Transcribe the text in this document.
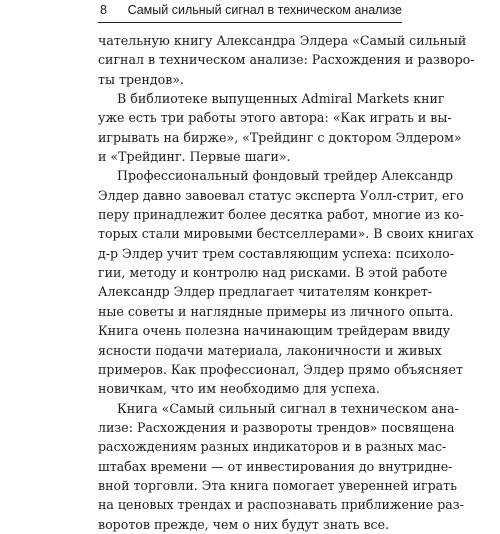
8 Самый сильный сигнал в техническом анализе
чательную книгу Александра Элдера «Самый сильный
сигнал в техническом анализе: Расхождения и разворо-
ты трендов».
В библиотеке выпущенных Admiral Markets книг
уже есть три работы этого автора: «Как играть и вы-
игрывать на бирже», «Трейдинг с доктором Элдером»
и «Трейдинг. Первые шаги».
Профессиональный фондовый трейдер Александр
Элдер давно завоевал статус эксперта Уолл-стрит, его
перу принадлежит более десятка работ, многие из ко-
торых стали мировыми бестселлерами». В своих книгах
д-р Элдер учит трем составляющим успеха: психоло-
гии, методу и контролю над рисками. В этой работе
Александр Элдер предлагает читателям конкрет-
ные советы и наглядные примеры из личного опыта.
Книга очень полезна начинающим трейдерам ввиду
ясности подачи материала, лаконичности и живых
примеров. Как профессионал, Элдер прямо объясняет
новичкам, что им необходимо для успеха.
Книга «Самый сильный сигнал в техническом ана-
лизе: Расхождения и развороты трендов» посвящена
расхождениям разных индикаторов и в разных мас-
штабах времени — от инвестирования до внутридне-
вной торговли. Эта книга помогает уверенней играть
на ценовых трендах и распознавать приближение раз-
воротов прежде, чем о них будут знать все.
